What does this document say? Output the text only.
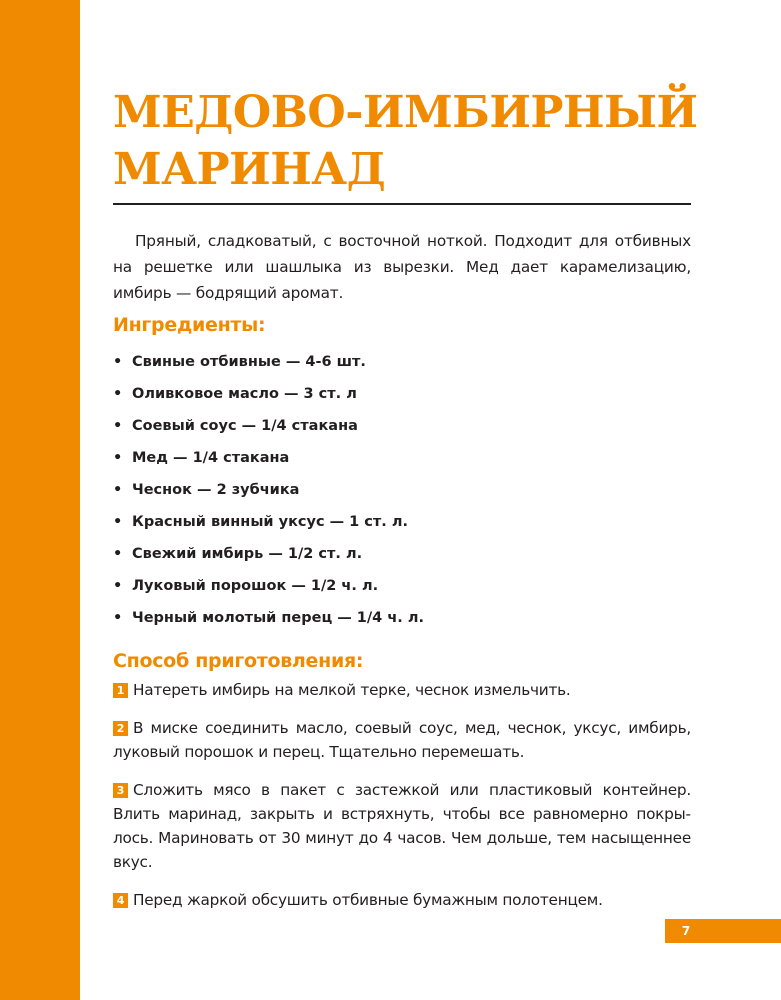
МЕДОВО-ИМБИРНЫЙ МАРИНАД

Пряный, сладковатый, с восточной ноткой. Подходит для отбивных на решетке или шашлыка из вырезки. Мед дает карамелизацию, имбирь — бодрящий аромат.

Ингредиенты:
• Свиные отбивные — 4-6 шт.
• Оливковое масло — 3 ст. л
• Соевый соус — 1/4 стакана
• Мед — 1/4 стакана
• Чеснок — 2 зубчика
• Красный винный уксус — 1 ст. л.
• Свежий имбирь — 1/2 ст. л.
• Луковый порошок — 1/2 ч. л.
• Черный молотый перец — 1/4 ч. л.
Способ приготовления:
1 Натереть имбирь на мелкой терке, чеснок измельчить.
2 В миске соединить масло, соевый соус, мед, чеснок, уксус, имбирь, луковый порошок и перец. Тщательно перемешать.
3 Сложить мясо в пакет с застежкой или пластиковый контейнер. Влить маринад, закрыть и встряхнуть, чтобы все равномерно покрылось. Мариновать от 30 минут до 4 часов. Чем дольше, тем насыщеннее вкус.
4 Перед жаркой обсушить отбивные бумажным полотенцем.
7
